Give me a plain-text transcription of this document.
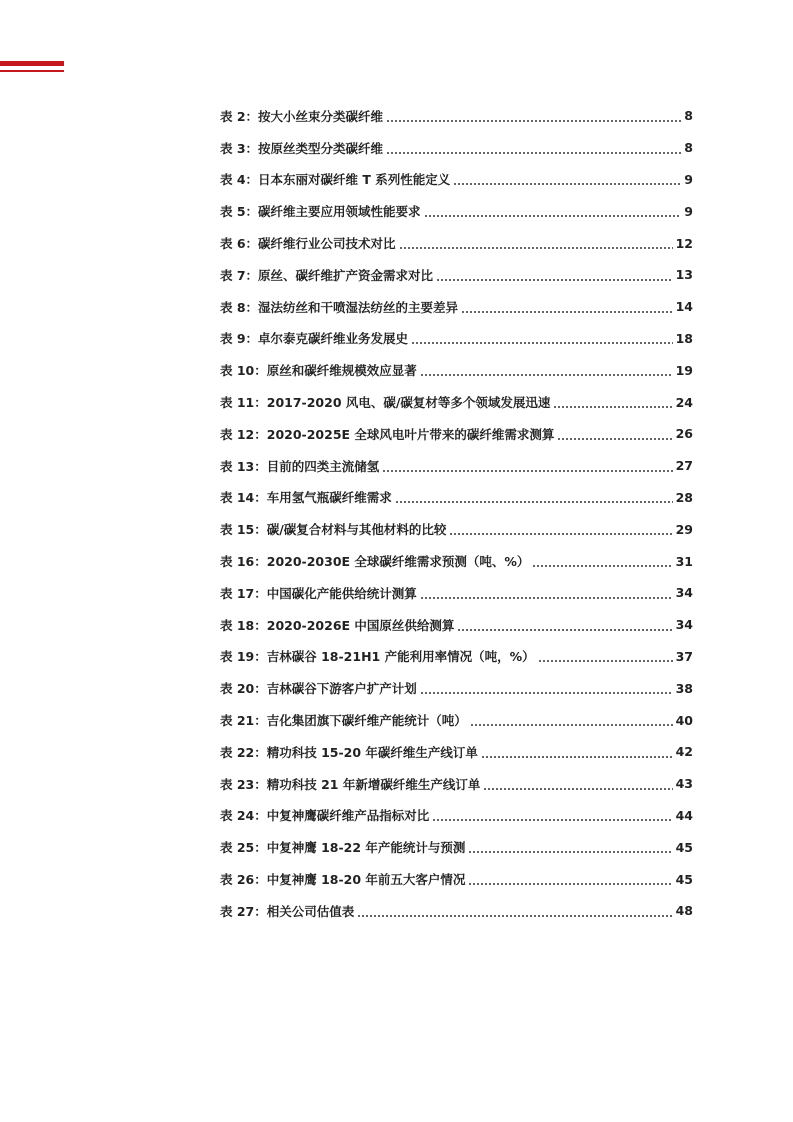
表 2：按大小丝束分类碳纤维	8
表 3：按原丝类型分类碳纤维	8
表 4：日本东丽对碳纤维 T 系列性能定义	9
表 5：碳纤维主要应用领域性能要求	9
表 6：碳纤维行业公司技术对比	12
表 7：原丝、碳纤维扩产资金需求对比	13
表 8：湿法纺丝和干喷湿法纺丝的主要差异	14
表 9：卓尔泰克碳纤维业务发展史	18
表 10：原丝和碳纤维规模效应显著	19
表 11：2017-2020 风电、碳/碳复材等多个领域发展迅速	24
表 12：2020-2025E 全球风电叶片带来的碳纤维需求测算	26
表 13：目前的四类主流储氢	27
表 14：车用氢气瓶碳纤维需求	28
表 15：碳/碳复合材料与其他材料的比较	29
表 16：2020-2030E 全球碳纤维需求预测（吨、%）	31
表 17：中国碳化产能供给统计测算	34
表 18：2020-2026E 中国原丝供给测算	34
表 19：吉林碳谷 18-21H1 产能利用率情况（吨，%）	37
表 20：吉林碳谷下游客户扩产计划	38
表 21：吉化集团旗下碳纤维产能统计（吨）	40
表 22：精功科技 15-20 年碳纤维生产线订单	42
表 23：精功科技 21 年新增碳纤维生产线订单	43
表 24：中复神鹰碳纤维产品指标对比	44
表 25：中复神鹰 18-22 年产能统计与预测	45
表 26：中复神鹰 18-20 年前五大客户情况	45
表 27：相关公司估值表	48
